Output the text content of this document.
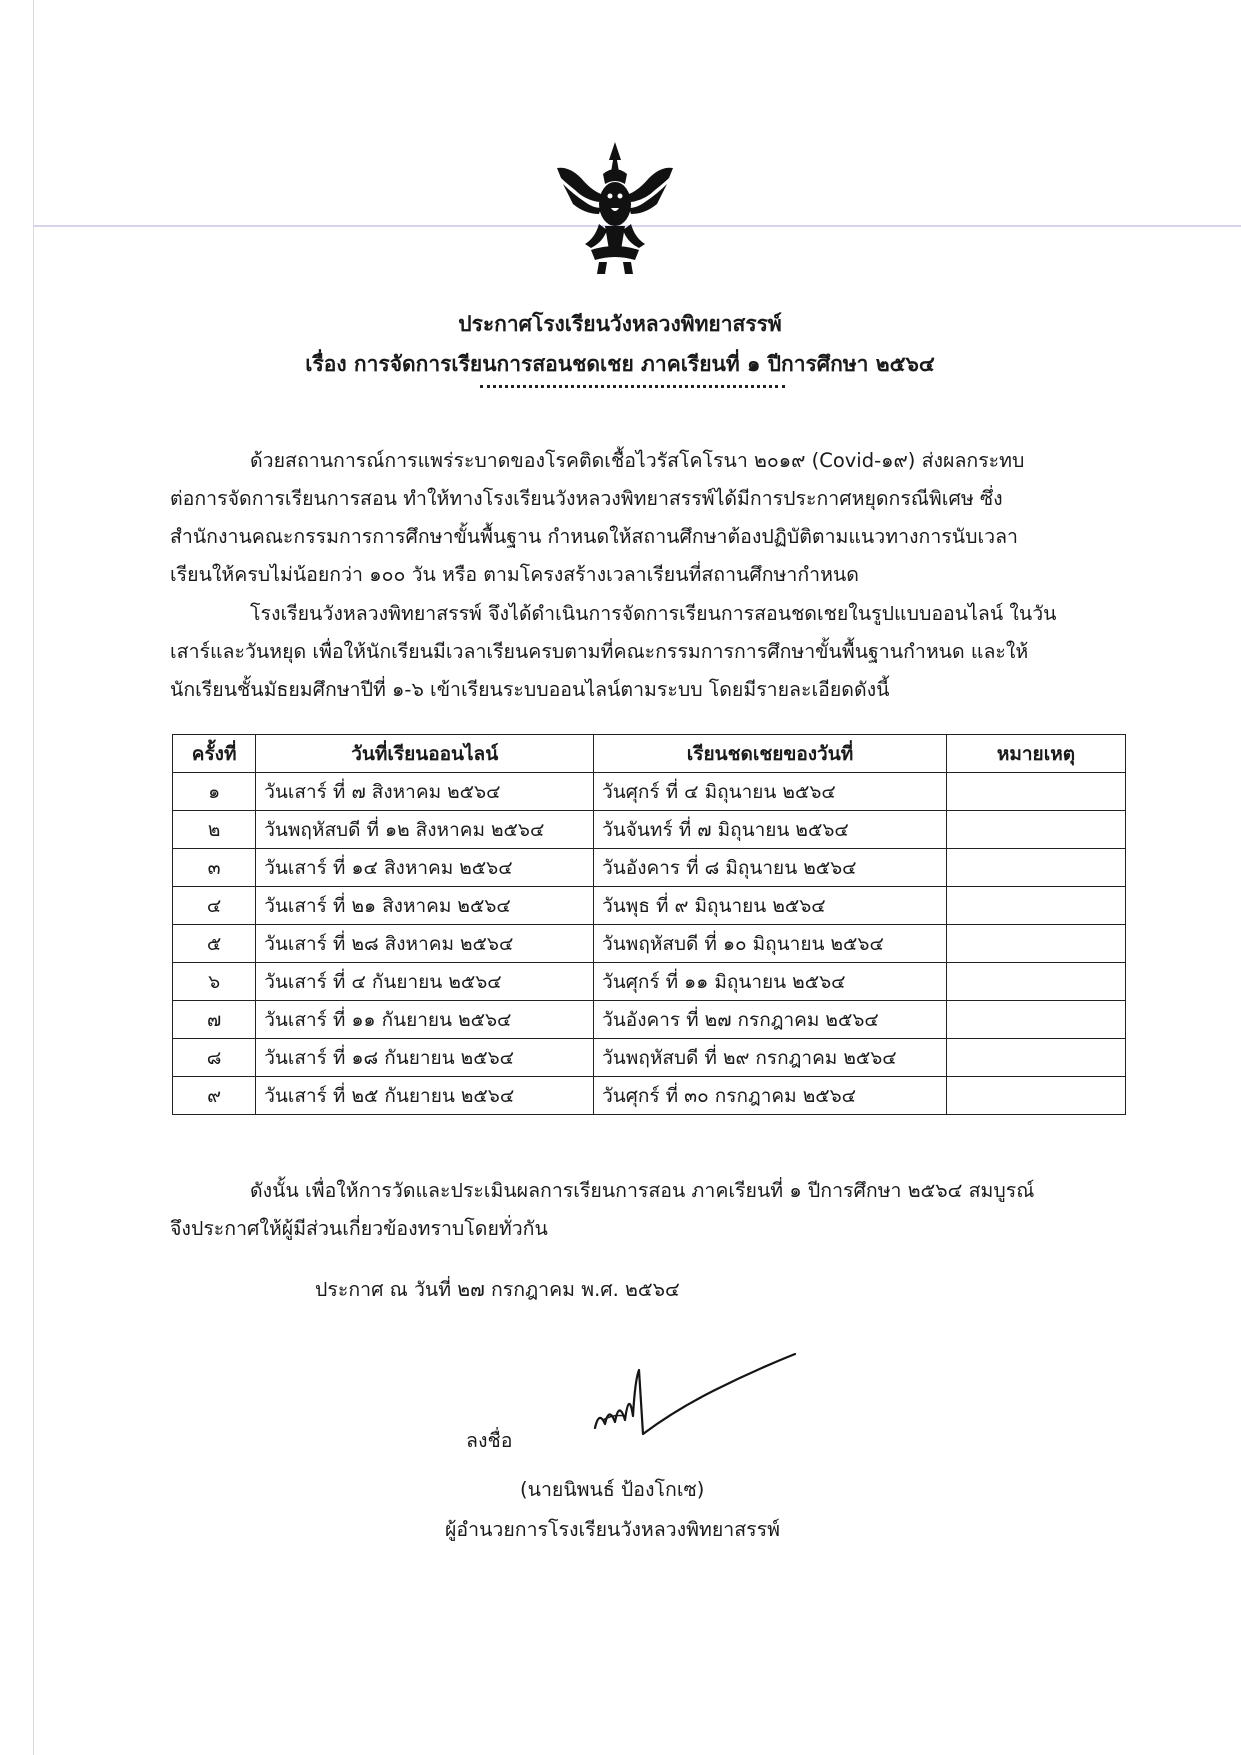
ประกาศโรงเรียนวังหลวงพิทยาสรรพ์
เรื่อง การจัดการเรียนการสอนชดเชย ภาคเรียนที่ ๑ ปีการศึกษา ๒๕๖๔
ด้วยสถานการณ์การแพร่ระบาดของโรคติดเชื้อไวรัสโคโรนา ๒๐๑๙ (Covid-๑๙) ส่งผลกระทบ
ต่อการจัดการเรียนการสอน ทำให้ทางโรงเรียนวังหลวงพิทยาสรรพ์ได้มีการประกาศหยุดกรณีพิเศษ ซึ่ง
สำนักงานคณะกรรมการการศึกษาขั้นพื้นฐาน กำหนดให้สถานศึกษาต้องปฏิบัติตามแนวทางการนับเวลา
เรียนให้ครบไม่น้อยกว่า ๑๐๐ วัน หรือ ตามโครงสร้างเวลาเรียนที่สถานศึกษากำหนด
โรงเรียนวังหลวงพิทยาสรรพ์ จึงได้ดำเนินการจัดการเรียนการสอนชดเชยในรูปแบบออนไลน์ ในวัน
เสาร์และวันหยุด เพื่อให้นักเรียนมีเวลาเรียนครบตามที่คณะกรรมการการศึกษาขั้นพื้นฐานกำหนด และให้
นักเรียนชั้นมัธยมศึกษาปีที่ ๑-๖ เข้าเรียนระบบออนไลน์ตามระบบ โดยมีรายละเอียดดังนี้
ครั้งที่	วันที่เรียนออนไลน์	เรียนชดเชยของวันที่	หมายเหตุ
๑	วันเสาร์ ที่ ๗ สิงหาคม ๒๕๖๔	วันศุกร์ ที่ ๔ มิถุนายน ๒๕๖๔	
๒	วันพฤหัสบดี ที่ ๑๒ สิงหาคม ๒๕๖๔	วันจันทร์ ที่ ๗ มิถุนายน ๒๕๖๔	
๓	วันเสาร์ ที่ ๑๔ สิงหาคม ๒๕๖๔	วันอังคาร ที่ ๘ มิถุนายน ๒๕๖๔	
๔	วันเสาร์ ที่ ๒๑ สิงหาคม ๒๕๖๔	วันพุธ ที่ ๙ มิถุนายน ๒๕๖๔	
๕	วันเสาร์ ที่ ๒๘ สิงหาคม ๒๕๖๔	วันพฤหัสบดี ที่ ๑๐ มิถุนายน ๒๕๖๔	
๖	วันเสาร์ ที่ ๔ กันยายน ๒๕๖๔	วันศุกร์ ที่ ๑๑ มิถุนายน ๒๕๖๔	
๗	วันเสาร์ ที่ ๑๑ กันยายน ๒๕๖๔	วันอังคาร ที่ ๒๗ กรกฎาคม ๒๕๖๔	
๘	วันเสาร์ ที่ ๑๘ กันยายน ๒๕๖๔	วันพฤหัสบดี ที่ ๒๙ กรกฎาคม ๒๕๖๔	
๙	วันเสาร์ ที่ ๒๕ กันยายน ๒๕๖๔	วันศุกร์ ที่ ๓๐ กรกฎาคม ๒๕๖๔	
ดังนั้น เพื่อให้การวัดและประเมินผลการเรียนการสอน ภาคเรียนที่ ๑ ปีการศึกษา ๒๕๖๔ สมบูรณ์
จึงประกาศให้ผู้มีส่วนเกี่ยวข้องทราบโดยทั่วกัน
ประกาศ ณ วันที่ ๒๗ กรกฎาคม พ.ศ. ๒๕๖๔
ลงชื่อ
(นายนิพนธ์ ป้องโกเซ)
ผู้อำนวยการโรงเรียนวังหลวงพิทยาสรรพ์
